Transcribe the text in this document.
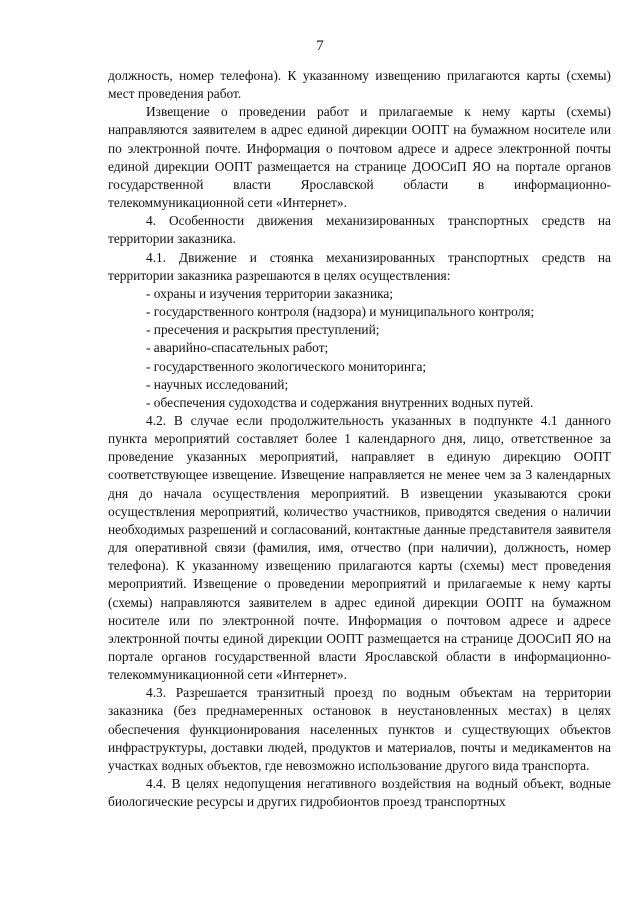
7

должность, номер телефона). К указанному извещению прилагаются карты (схемы) мест проведения работ.

Извещение о проведении работ и прилагаемые к нему карты (схемы) направляются заявителем в адрес единой дирекции ООПТ на бумажном носителе или по электронной почте. Информация о почтовом адресе и адресе электронной почты единой дирекции ООПТ размещается на странице ДООСиП ЯО на портале органов государственной власти Ярославской области в информационно-телекоммуникационной сети «Интернет».

4. Особенности движения механизированных транспортных средств на территории заказника.

4.1. Движение и стоянка механизированных транспортных средств на территории заказника разрешаются в целях осуществления:

- охраны и изучения территории заказника;

- государственного контроля (надзора) и муниципального контроля;

- пресечения и раскрытия преступлений;

- аварийно-спасательных работ;

- государственного экологического мониторинга;

- научных исследований;

- обеспечения судоходства и содержания внутренних водных путей.

4.2. В случае если продолжительность указанных в подпункте 4.1 данного пункта мероприятий составляет более 1 календарного дня, лицо, ответственное за проведение указанных мероприятий, направляет в единую дирекцию ООПТ соответствующее извещение. Извещение направляется не менее чем за 3 календарных дня до начала осуществления мероприятий. В извещении указываются сроки осуществления мероприятий, количество участников, приводятся сведения о наличии необходимых разрешений и согласований, контактные данные представителя заявителя для оперативной связи (фамилия, имя, отчество (при наличии), должность, номер телефона). К указанному извещению прилагаются карты (схемы) мест проведения мероприятий. Извещение о проведении мероприятий и прилагаемые к нему карты (схемы) направляются заявителем в адрес единой дирекции ООПТ на бумажном носителе или по электронной почте. Информация о почтовом адресе и адресе электронной почты единой дирекции ООПТ размещается на странице ДООСиП ЯО на портале органов государственной власти Ярославской области в информационно-телекоммуникационной сети «Интернет».

4.3. Разрешается транзитный проезд по водным объектам на территории заказника (без преднамеренных остановок в неустановленных местах) в целях обеспечения функционирования населенных пунктов и существующих объектов инфраструктуры, доставки людей, продуктов и материалов, почты и медикаментов на участках водных объектов, где невозможно использование другого вида транспорта.

4.4. В целях недопущения негативного воздействия на водный объект, водные биологические ресурсы и других гидробионтов проезд транспортных
